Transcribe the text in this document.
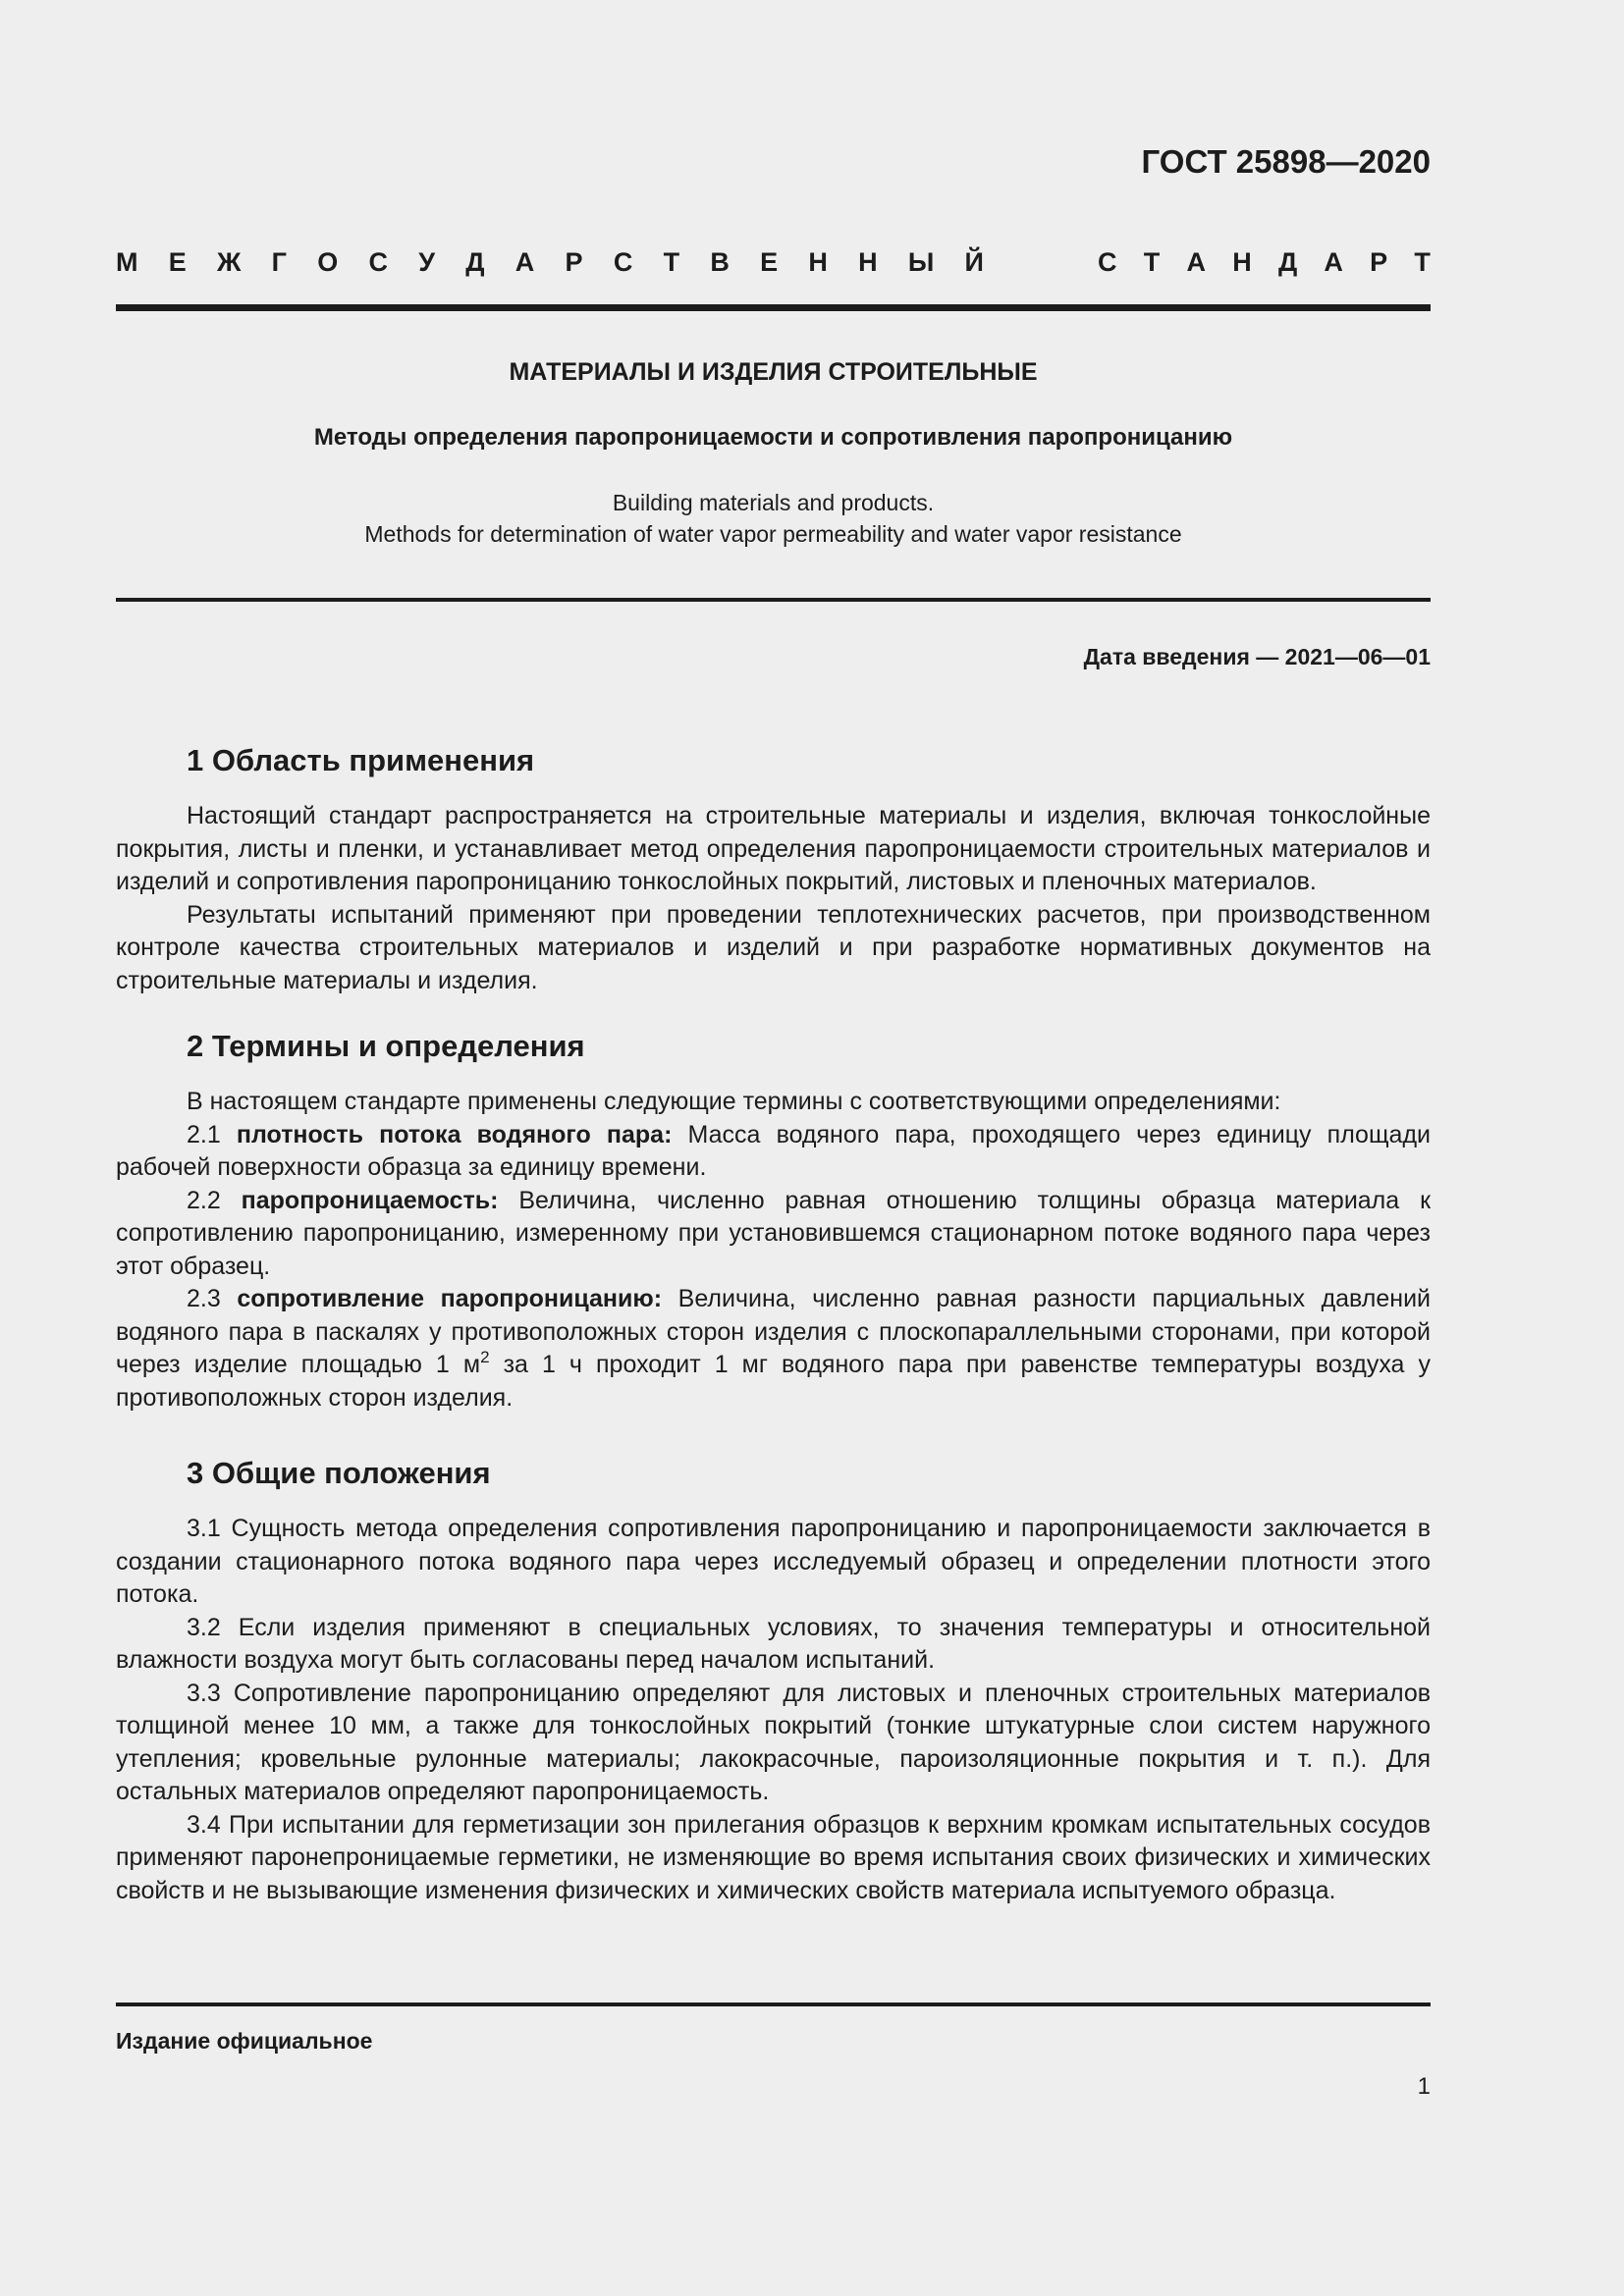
ГОСТ 25898—2020
М Е Ж Г О С У Д А Р С Т В Е Н Н Ы Й	С Т А Н Д А Р Т
МАТЕРИАЛЫ И ИЗДЕЛИЯ СТРОИТЕЛЬНЫЕ
Методы определения паропроницаемости и сопротивления паропроницанию
Building materials and products.
Methods for determination of water vapor permeability and water vapor resistance
Дата введения — 2021—06—01
1 Область применения

Настоящий стандарт распространяется на строительные материалы и изделия, включая тонкослойные покрытия, листы и пленки, и устанавливает метод определения паропроницаемости строительных материалов и изделий и сопротивления паропроницанию тонкослойных покрытий, листовых и пленочных материалов.

Результаты испытаний применяют при проведении теплотехнических расчетов, при производственном контроле качества строительных материалов и изделий и при разработке нормативных документов на строительные материалы и изделия.

2 Термины и определения

В настоящем стандарте применены следующие термины с соответствующими определениями:

2.1 плотность потока водяного пара: Масса водяного пара, проходящего через единицу площади рабочей поверхности образца за единицу времени.

2.2 паропроницаемость: Величина, численно равная отношению толщины образца материала к сопротивлению паропроницанию, измеренному при установившемся стационарном потоке водяного пара через этот образец.

2.3 сопротивление паропроницанию: Величина, численно равная разности парциальных давлений водяного пара в паскалях у противоположных сторон изделия с плоскопараллельными сторонами, при которой через изделие площадью 1 $м^2$ за 1 ч проходит 1 мг водяного пара при равенстве температуры воздуха у противоположных сторон изделия.

3 Общие положения

3.1 Сущность метода определения сопротивления паропроницанию и паропроницаемости заключается в создании стационарного потока водяного пара через исследуемый образец и определении плотности этого потока.

3.2 Если изделия применяют в специальных условиях, то значения температуры и относительной влажности воздуха могут быть согласованы перед началом испытаний.

3.3 Сопротивление паропроницанию определяют для листовых и пленочных строительных материалов толщиной менее 10 мм, а также для тонкослойных покрытий (тонкие штукатурные слои систем наружного утепления; кровельные рулонные материалы; лакокрасочные, пароизоляционные покрытия и т. п.). Для остальных материалов определяют паропроницаемость.

3.4 При испытании для герметизации зон прилегания образцов к верхним кромкам испытательных сосудов применяют паронепроницаемые герметики, не изменяющие во время испытания своих физических и химических свойств и не вызывающие изменения физических и химических свойств материала испытуемого образца.

Издание официальное
1
